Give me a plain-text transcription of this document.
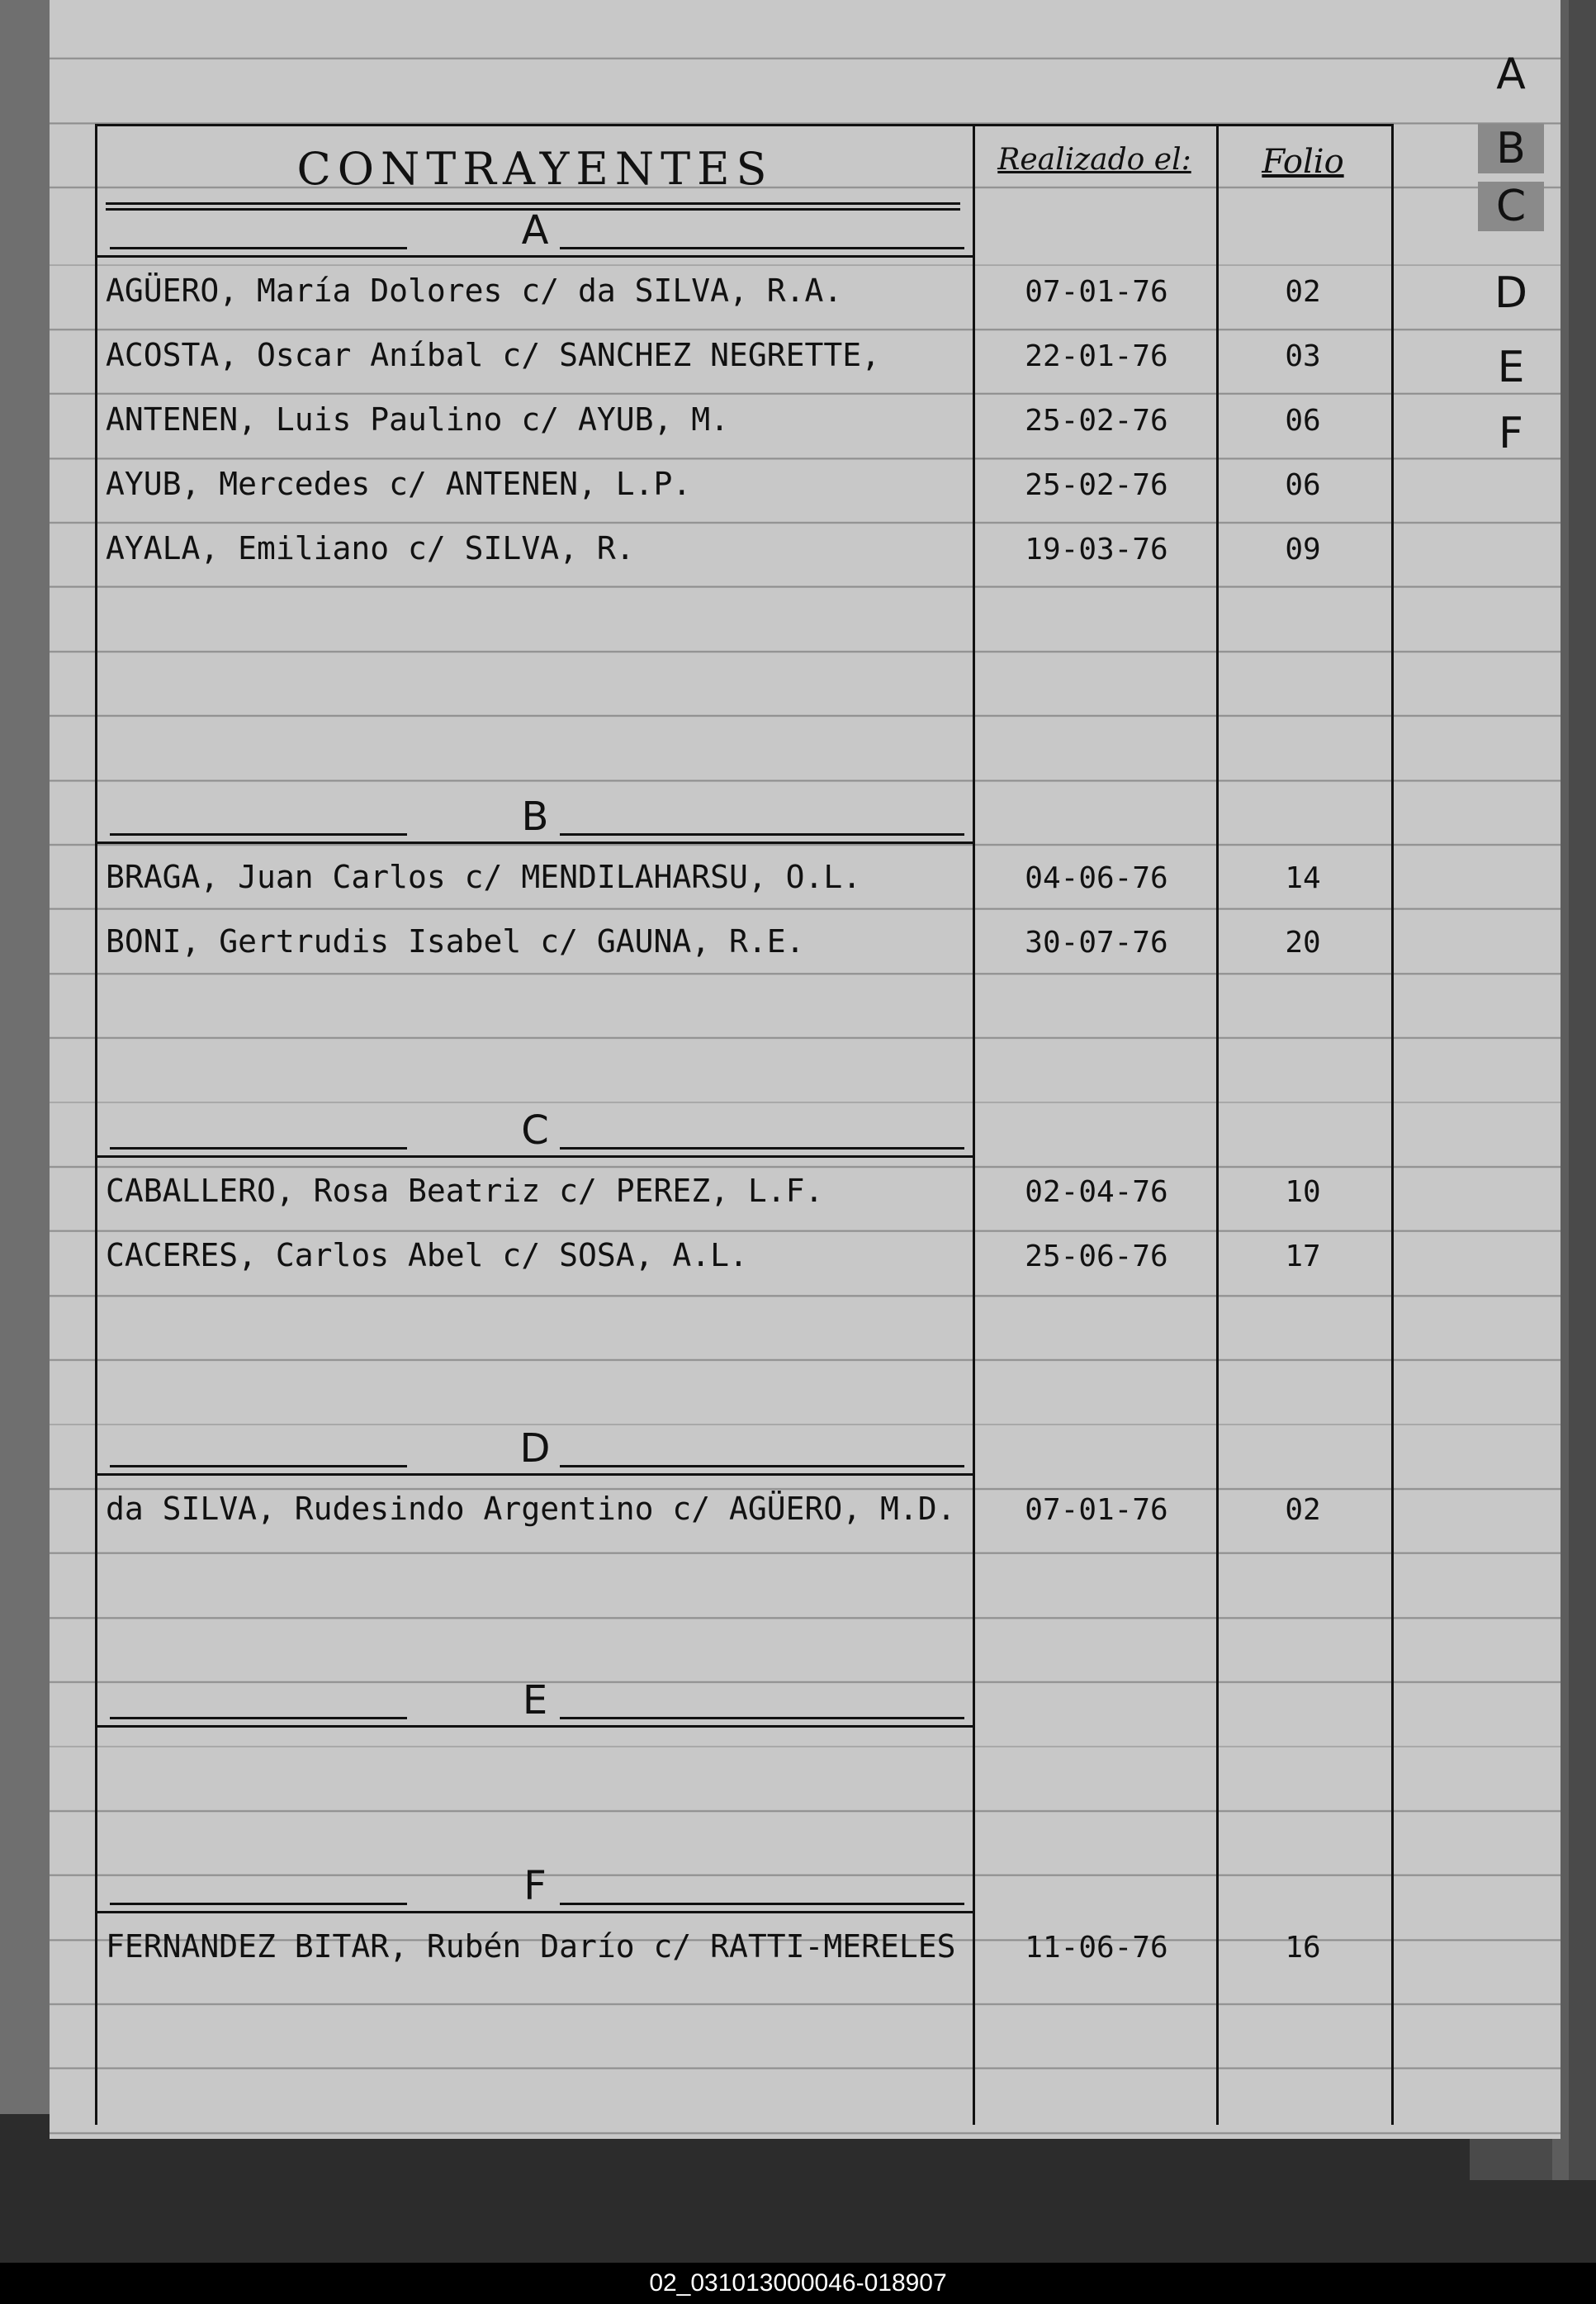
A
B
C
D
E
F
CONTRAYENTES	Realizado el:	Folio
A
AGÜERO, María Dolores c/ da SILVA, R.A.	07-01-76	02
ACOSTA, Oscar Aníbal c/ SANCHEZ NEGRETTE,	22-01-76	03
ANTENEN, Luis Paulino c/ AYUB, M.	25-02-76	06
AYUB, Mercedes c/ ANTENEN, L.P.	25-02-76	06
AYALA, Emiliano c/ SILVA, R.	19-03-76	09
B
BRAGA, Juan Carlos c/ MENDILAHARSU, O.L.	04-06-76	14
BONI, Gertrudis Isabel c/ GAUNA, R.E.	30-07-76	20
C
CABALLERO, Rosa Beatriz c/ PEREZ, L.F.	02-04-76	10
CACERES, Carlos Abel c/ SOSA, A.L.	25-06-76	17
D
da SILVA, Rudesindo Argentino c/ AGÜERO, M.D.	07-01-76	02
E
F
FERNANDEZ BITAR, Rubén Darío c/ RATTI-MERELES	11-06-76	16
02_031013000046-018907
